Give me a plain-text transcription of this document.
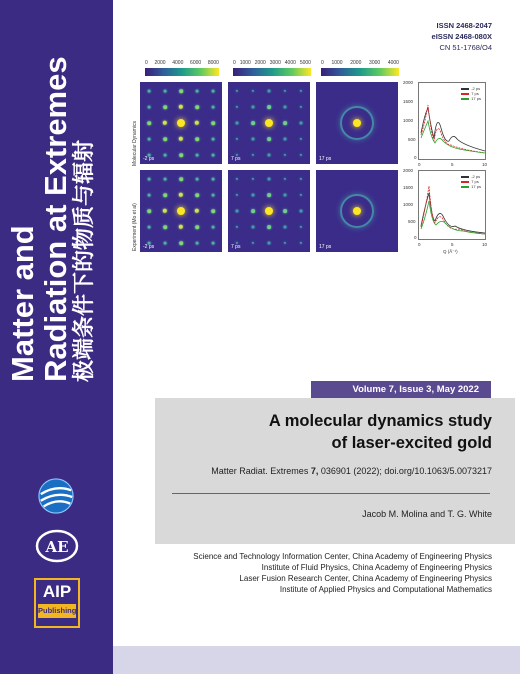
Matter and
Radiation at Extremes 极端条件下的物质与辐射
AE
AIP
Publishing
ISSN 2468-2047
eISSN 2468-080X
CN 51-1768/O4
0 2000 4000 6000 8000	0 1000 2000 3000 4000 5000 0 1000 2000 3000 4000
Molecular Dynamics
Experiment (Mo et al)
-2 ps	7 ps	17 ps
-2 ps	7 ps	17 ps
2000
1500
1000
500
0
0	5	10
-2 ps
7 ps
17 ps
2000
1500
1000
500
0
0	5	10
Q (Å⁻¹)
-2 ps
7 ps
17 ps
Volume 7, Issue 3, May 2022
A molecular dynamics study
of laser-excited gold
Matter Radiat. Extremes 7, 036901 (2022); doi.org/10.1063/5.0073217
Jacob M. Molina and T. G. White
Science and Technology Information Center, China Academy of Engineering Physics
Institute of Fluid Physics, China Academy of Engineering Physics
Laser Fusion Research Center, China Academy of Engineering Physics
Institute of Applied Physics and Computational Mathematics
